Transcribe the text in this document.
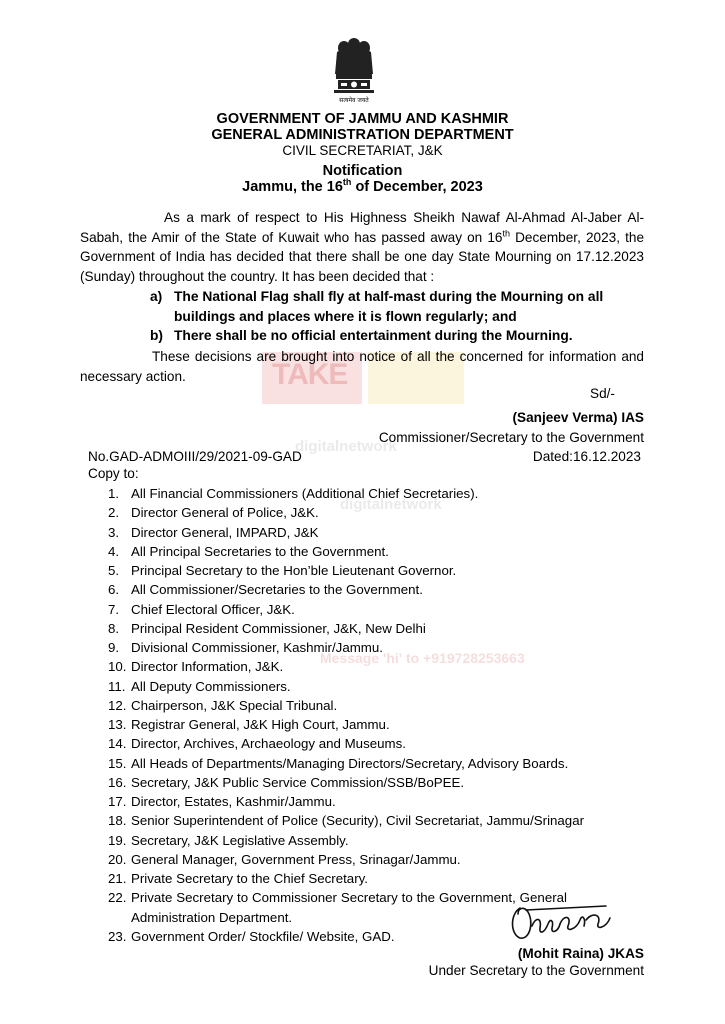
TAKE
digitalnetwork
digitalnetwork
Message 'hi' to +919728253663
सत्यमेव जयते
GOVERNMENT OF JAMMU AND KASHMIR
GENERAL ADMINISTRATION DEPARTMENT
CIVIL SECRETARIAT, J&K
Notification
Jammu, the 16th of December, 2023
As a mark of respect to His Highness Sheikh Nawaf Al-Ahmad Al-Jaber Al-Sabah, the Amir of the State of Kuwait who has passed away on 16th December, 2023, the Government of India has decided that there shall be one day State Mourning on 17.12.2023 (Sunday) throughout the country. It has been decided that :
a) The National Flag shall fly at half-mast during the Mourning on all buildings and places where it is flown regularly; and
b) There shall be no official entertainment during the Mourning.
These decisions are brought into notice of all the concerned for information and necessary action.
Sd/-
(Sanjeev Verma) IAS
Commissioner/Secretary to the Government
No.GAD-ADMOIII/29/2021-09-GAD	Dated:16.12.2023
Copy to:
1. All Financial Commissioners (Additional Chief Secretaries).
2. Director General of Police, J&K.
3. Director General, IMPARD, J&K
4. All Principal Secretaries to the Government.
5. Principal Secretary to the Hon’ble Lieutenant Governor.
6. All Commissioner/Secretaries to the Government.
7. Chief Electoral Officer, J&K.
8. Principal Resident Commissioner, J&K, New Delhi
9. Divisional Commissioner, Kashmir/Jammu.
10. Director Information, J&K.
11. All Deputy Commissioners.
12. Chairperson, J&K Special Tribunal.
13. Registrar General, J&K High Court, Jammu.
14. Director, Archives, Archaeology and Museums.
15. All Heads of Departments/Managing Directors/Secretary, Advisory Boards.
16. Secretary, J&K Public Service Commission/SSB/BoPEE.
17. Director, Estates, Kashmir/Jammu.
18. Senior Superintendent of Police (Security), Civil Secretariat, Jammu/Srinagar
19. Secretary, J&K Legislative Assembly.
20. General Manager, Government Press, Srinagar/Jammu.
21. Private Secretary to the Chief Secretary.
22. Private Secretary to Commissioner Secretary to the Government, General Administration Department.
23. Government Order/ Stockfile/ Website, GAD.
(Mohit Raina) JKAS
Under Secretary to the Government
